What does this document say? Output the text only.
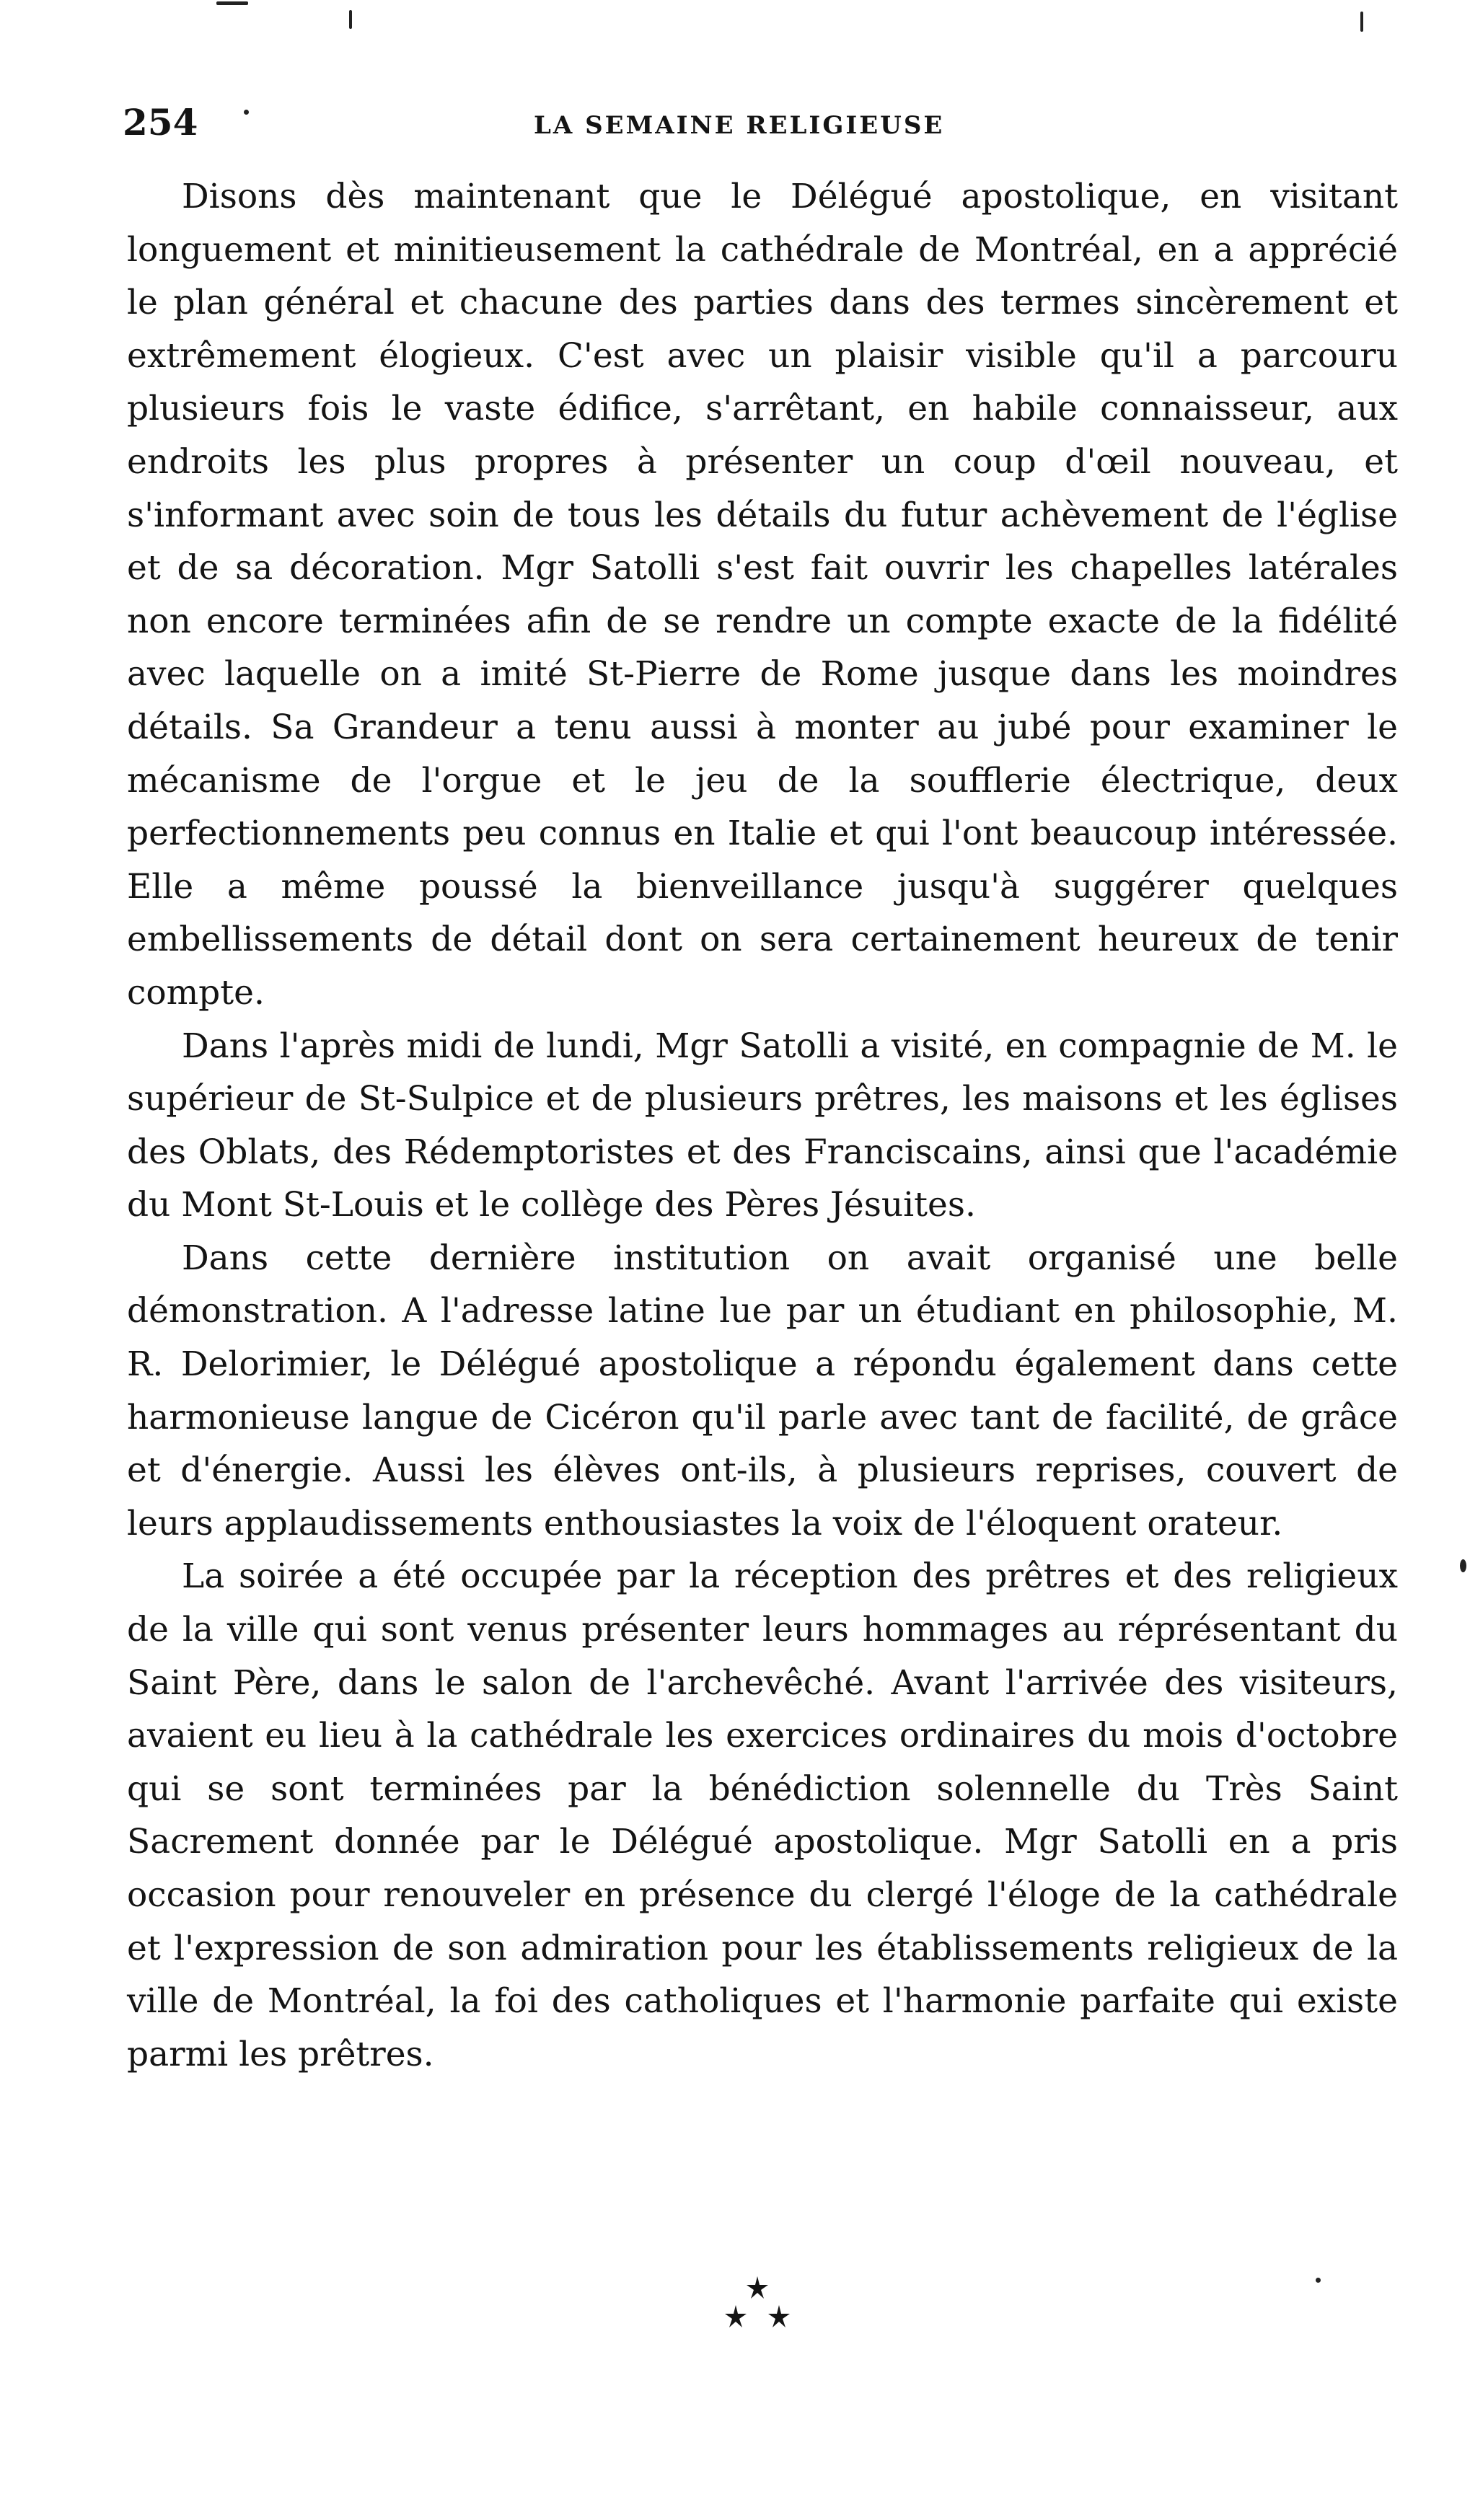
254	LA SEMAINE RELIGIEUSE

Disons dès maintenant que le Délégué apostolique, en visitant longuement et minitieusement la cathédrale de Montréal, en a apprécié le plan général et chacune des parties dans des termes sincèrement et extrêmement élogieux. C'est avec un plaisir visible qu'il a parcouru plusieurs fois le vaste édifice, s'arrêtant, en habile connaisseur, aux endroits les plus propres à présenter un coup d'œil nouveau, et s'informant avec soin de tous les détails du futur achèvement de l'église et de sa décoration. Mgr Satolli s'est fait ouvrir les chapelles latérales non encore terminées afin de se rendre un compte exacte de la fidélité avec laquelle on a imité St-Pierre de Rome jusque dans les moindres détails. Sa Grandeur a tenu aussi à monter au jubé pour examiner le mécanisme de l'orgue et le jeu de la soufflerie électrique, deux perfectionnements peu connus en Italie et qui l'ont beaucoup intéressée. Elle a même poussé la bienveillance jusqu'à suggérer quelques embellissements de détail dont on sera certainement heureux de tenir compte.

Dans l'après midi de lundi, Mgr Satolli a visité, en compagnie de M. le supérieur de St-Sulpice et de plusieurs prêtres, les maisons et les églises des Oblats, des Rédemptoristes et des Franciscains, ainsi que l'académie du Mont St-Louis et le collège des Pères Jésuites.

Dans cette dernière institution on avait organisé une belle démonstration. A l'adresse latine lue par un étudiant en philosophie, M. R. Delorimier, le Délégué apostolique a répondu également dans cette harmonieuse langue de Cicéron qu'il parle avec tant de facilité, de grâce et d'énergie. Aussi les élèves ont-ils, à plusieurs reprises, couvert de leurs applaudissements enthousiastes la voix de l'éloquent orateur.

La soirée a été occupée par la réception des prêtres et des religieux de la ville qui sont venus présenter leurs hommages au réprésentant du Saint Père, dans le salon de l'archevêché. Avant l'arrivée des visiteurs, avaient eu lieu à la cathédrale les exercices ordinaires du mois d'octobre qui se sont terminées par la bénédiction solennelle du Très Saint Sacrement donnée par le Délégué apostolique. Mgr Satolli en a pris occasion pour renouveler en présence du clergé l'éloge de la cathédrale et l'expression de son admiration pour les établissements religieux de la ville de Montréal, la foi des catholiques et l'harmonie parfaite qui existe parmi les prêtres.
